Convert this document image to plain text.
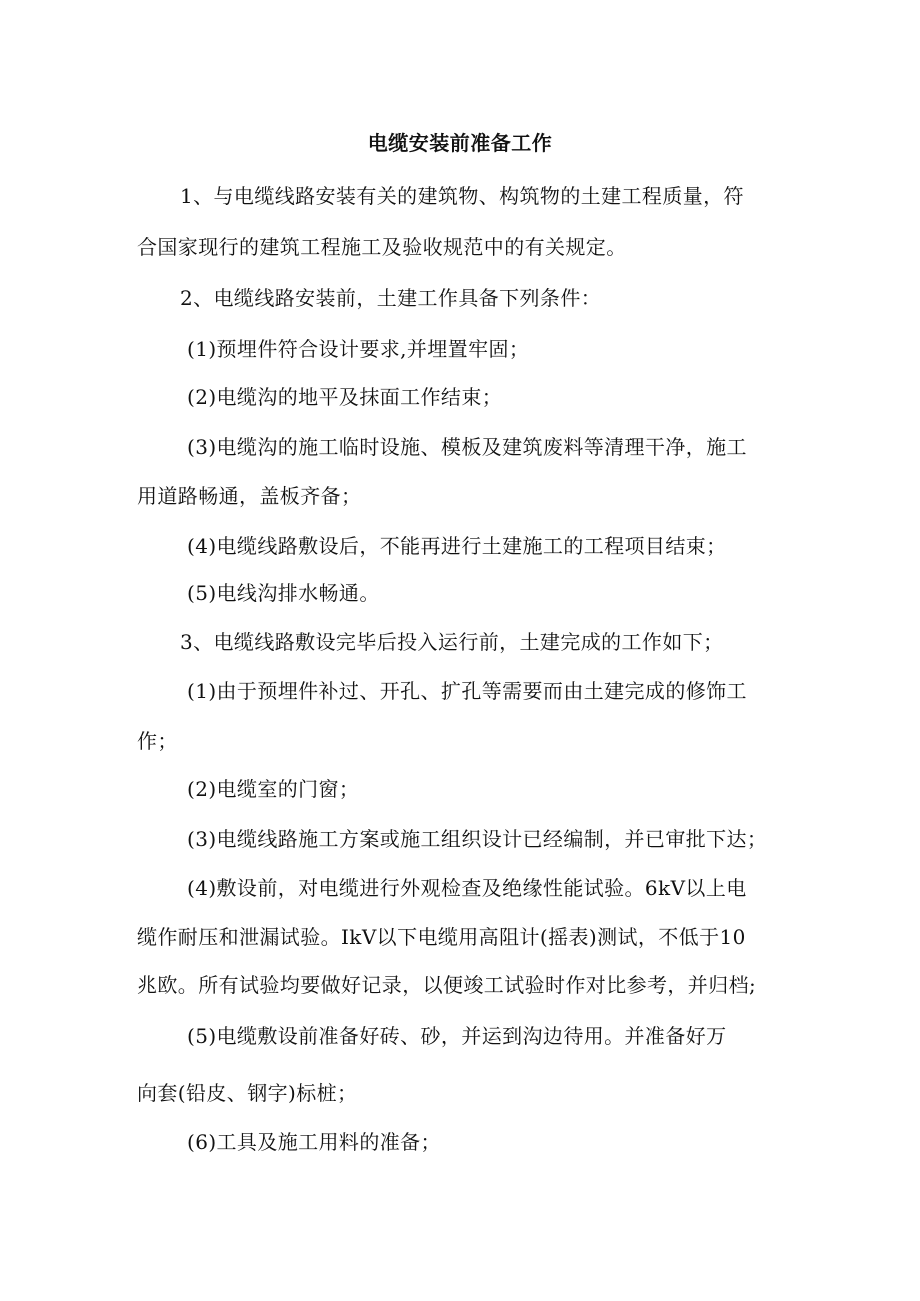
电缆安装前准备工作
1、与电缆线路安装有关的建筑物、构筑物的土建工程质量，符
合国家现行的建筑工程施工及验收规范中的有关规定。
2、电缆线路安装前，土建工作具备下列条件：
(1)预埋件符合设计要求,并埋置牢固；
(2)电缆沟的地平及抹面工作结束；
(3)电缆沟的施工临时设施、模板及建筑废料等清理干净，施工
用道路畅通，盖板齐备；
(4)电缆线路敷设后，不能再进行土建施工的工程项目结束；
(5)电线沟排水畅通。
3、电缆线路敷设完毕后投入运行前，土建完成的工作如下；
(1)由于预埋件补过、开孔、扩孔等需要而由土建完成的修饰工
作；
(2)电缆室的门窗；
(3)电缆线路施工方案或施工组织设计已经编制，并已审批下达；
(4)敷设前，对电缆进行外观检查及绝缘性能试验。6kV以上电
缆作耐压和泄漏试验。IkV以下电缆用高阻计(摇表)测试，不低于10
兆欧。所有试验均要做好记录，以便竣工试验时作对比参考，并归档;
(5)电缆敷设前准备好砖、砂，并运到沟边待用。并准备好万
向套(铅皮、钢字)标桩；
(6)工具及施工用料的准备；
